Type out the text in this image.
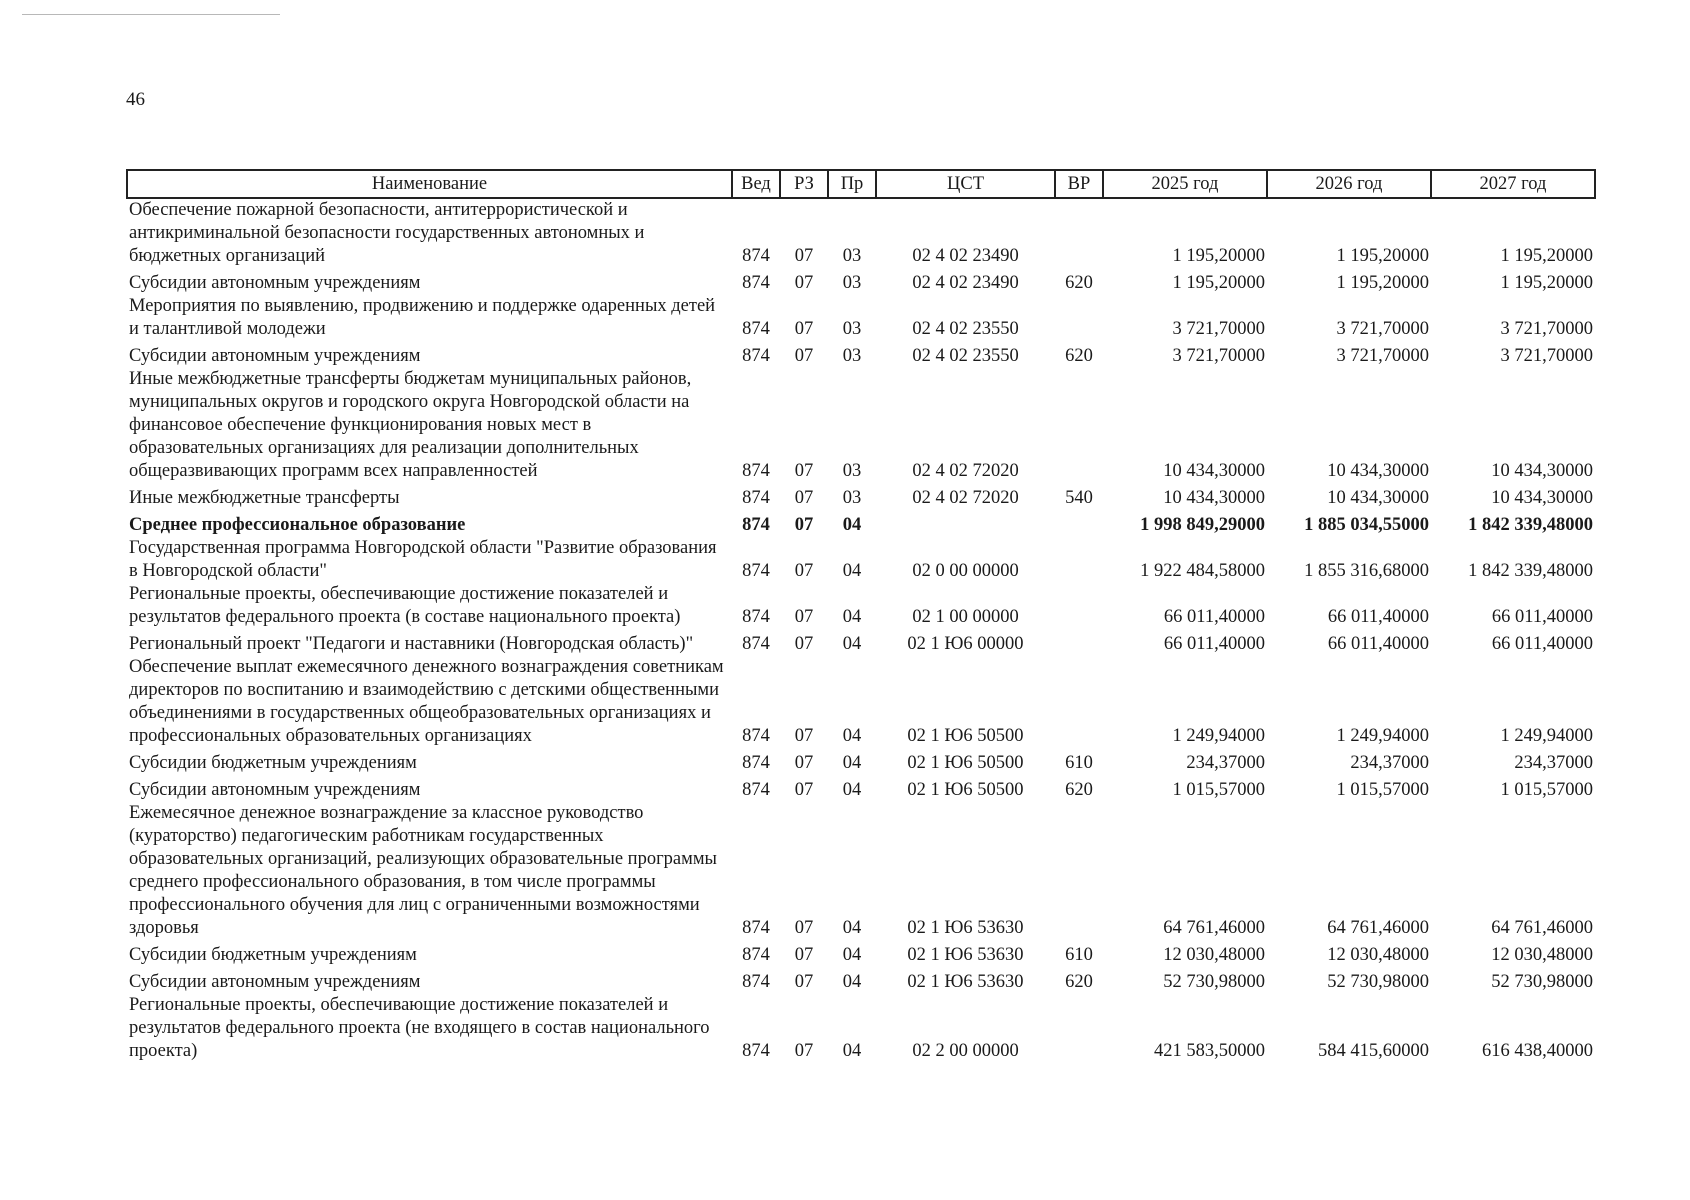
46
Наименование	Вед	РЗ	Пр	ЦСТ	ВР	2025 год	2026 год	2027 год
Обеспечение пожарной безопасности, антитеррористической и антикриминальной безопасности государственных автономных и бюджетных организаций	874	07	03	02 4 02 23490		1 195,20000	1 195,20000	1 195,20000
Субсидии автономным учреждениям	874	07	03	02 4 02 23490	620	1 195,20000	1 195,20000	1 195,20000
Мероприятия по выявлению, продвижению и поддержке одаренных детей и талантливой молодежи	874	07	03	02 4 02 23550		3 721,70000	3 721,70000	3 721,70000
Субсидии автономным учреждениям	874	07	03	02 4 02 23550	620	3 721,70000	3 721,70000	3 721,70000
Иные межбюджетные трансферты бюджетам муниципальных районов, муниципальных округов и городского округа Новгородской области на финансовое обеспечение функционирования новых мест в образовательных организациях для реализации дополнительных общеразвивающих программ всех направленностей	874	07	03	02 4 02 72020		10 434,30000	10 434,30000	10 434,30000
Иные межбюджетные трансферты	874	07	03	02 4 02 72020	540	10 434,30000	10 434,30000	10 434,30000
Среднее профессиональное образование	874	07	04			1 998 849,29000	1 885 034,55000	1 842 339,48000
Государственная программа Новгородской области "Развитие образования в Новгородской области"	874	07	04	02 0 00 00000		1 922 484,58000	1 855 316,68000	1 842 339,48000
Региональные проекты, обеспечивающие достижение показателей и результатов федерального проекта (в составе национального проекта)	874	07	04	02 1 00 00000		66 011,40000	66 011,40000	66 011,40000
Региональный проект "Педагоги и наставники (Новгородская область)"	874	07	04	02 1 Ю6 00000		66 011,40000	66 011,40000	66 011,40000
Обеспечение выплат ежемесячного денежного вознаграждения советникам директоров по воспитанию и взаимодействию с детскими общественными объединениями в государственных общеобразовательных организациях и профессиональных образовательных организациях	874	07	04	02 1 Ю6 50500		1 249,94000	1 249,94000	1 249,94000
Субсидии бюджетным учреждениям	874	07	04	02 1 Ю6 50500	610	234,37000	234,37000	234,37000
Субсидии автономным учреждениям	874	07	04	02 1 Ю6 50500	620	1 015,57000	1 015,57000	1 015,57000
Ежемесячное денежное вознаграждение за классное руководство (кураторство) педагогическим работникам государственных образовательных организаций, реализующих образовательные программы среднего профессионального образования, в том числе программы профессионального обучения для лиц с ограниченными возможностями здоровья	874	07	04	02 1 Ю6 53630		64 761,46000	64 761,46000	64 761,46000
Субсидии бюджетным учреждениям	874	07	04	02 1 Ю6 53630	610	12 030,48000	12 030,48000	12 030,48000
Субсидии автономным учреждениям	874	07	04	02 1 Ю6 53630	620	52 730,98000	52 730,98000	52 730,98000
Региональные проекты, обеспечивающие достижение показателей и результатов федерального проекта (не входящего в состав национального проекта)	874	07	04	02 2 00 00000		421 583,50000	584 415,60000	616 438,40000
